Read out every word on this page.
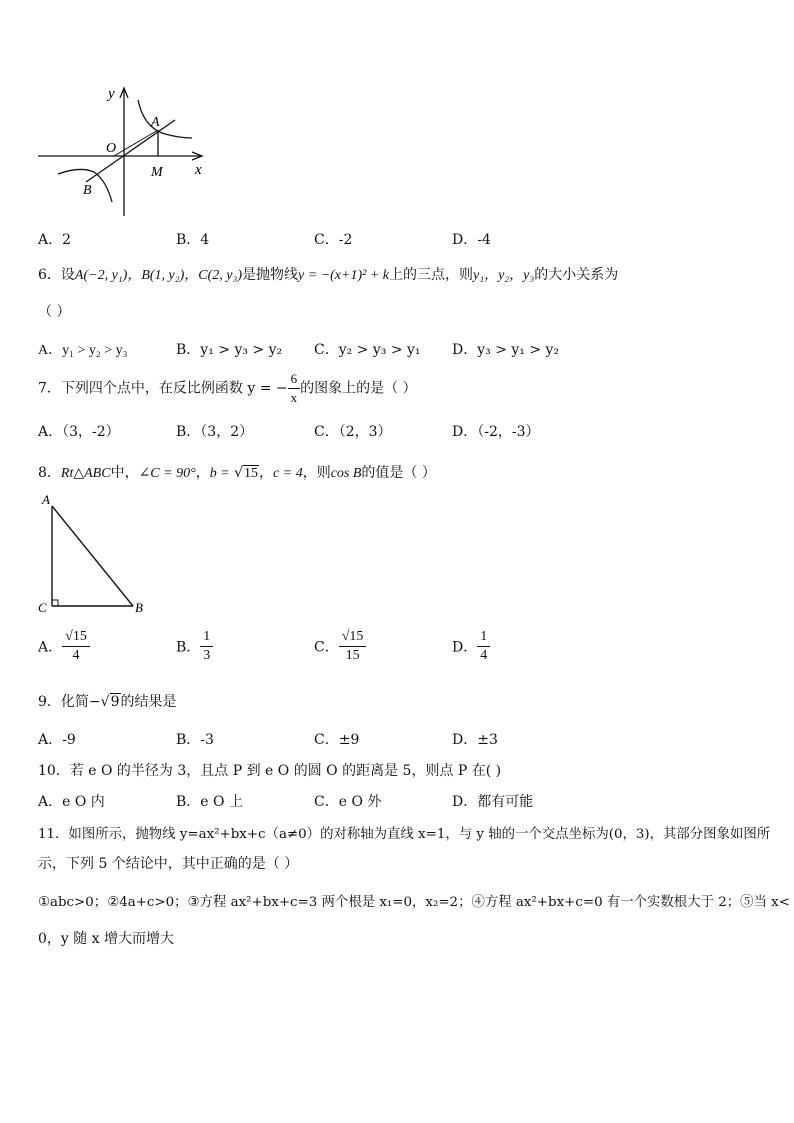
y
A
O
B
M x
A．2	B．4	C．-2	D．-4
6．设A(−2, y₁)，B(1, y₂)，C(2, y₃)是抛物线y = −(x+1)² + k上的三点，则y₁，y₂，y₃的大小关系为
（ ）
A．y₁ > y₂ > y₃	B．y₁ > y₃ > y₂ C．y₂ > y₃ > y₁ D．y₃ > y₁ > y₂
7．下列四个点中，在反比例函数 y = − $\frac{6}{x}$ 的图象上的是（ ）
A．（3，-2）	B．（3，2）	C．（2，3）	D．（-2，-3）
8．Rt△ABC中，∠C = 90°，b = √15，c = 4，则cos B的值是（ ）
A
C	B
A． $\frac{√15}{4}$	B． $\frac{1}{3}$	C． $\frac{√15}{15}$	D． $\frac{1}{4}$
9．化简−√9的结果是
A．-9	B．-3	C．±9	D．±3
10．若 e O 的半径为 3，且点 P 到 e O 的圆 O 的距离是 5，则点 P 在( )
A．e O 内	B．e O 上	C．e O 外	D．都有可能
11．如图所示，抛物线 y=ax²+bx+c（a≠0）的对称轴为直线 x=1，与 y 轴的一个交点坐标为(0，3)，其部分图象如图所
示，下列 5 个结论中，其中正确的是（ ）
①abc>0；②4a+c>0；③方程 ax²+bx+c=3 两个根是 x₁=0，x₂=2；④方程 ax²+bx+c=0 有一个实数根大于 2；⑤当 x<
0，y 随 x 增大而增大
